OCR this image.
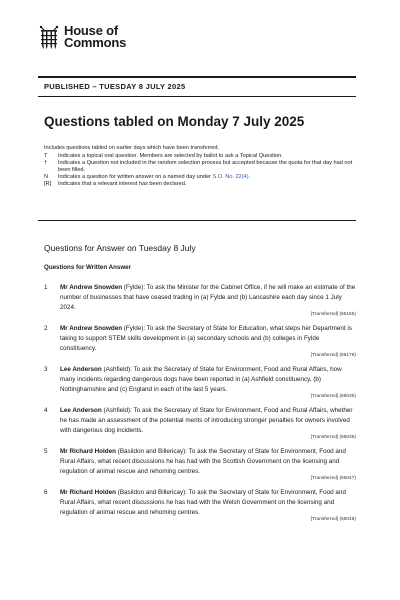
House of
Commons
PUBLISHED – TUESDAY 8 JULY 2025
Questions tabled on Monday 7 July 2025
Includes questions tabled on earlier days which have been transferred.
T	Indicates a topical oral question. Members are selected by ballot to ask a Topical Question.
†	Indicates a Question not included in the random selection process but accepted because the quota for that day had not been filled.
N	Indicates a question for written answer on a named day under S.O. No. 22(4).
[R]	Indicates that a relevant interest has been declared.
Questions for Answer on Tuesday 8 July
Questions for Written Answer
1	Mr Andrew Snowden (Fylde): To ask the Minister for the Cabinet Office, if he will make an estimate of the number of businesses that have ceased trading in (a) Fylde and (b) Lancashire each day since 1 July 2024.
[Transferred] (65165)
2	Mr Andrew Snowden (Fylde): To ask the Secretary of State for Education, what steps her Department is taking to support STEM skills development in (a) secondary schools and (b) colleges in Fylde constituency.
[Transferred] (65178)
3	Lee Anderson (Ashfield): To ask the Secretary of State for Environment, Food and Rural Affairs, how many incidents regarding dangerous dogs have been reported in (a) Ashfield constituency, (b) Nottinghamshire and (c) England in each of the last 5 years.
[Transferred] (65035)
4	Lee Anderson (Ashfield): To ask the Secretary of State for Environment, Food and Rural Affairs, whether he has made an assessment of the potential merits of introducing stronger penalties for owners involved with dangerous dog incidents.
[Transferred] (65036)
5	Mr Richard Holden (Basildon and Billericay): To ask the Secretary of State for Environment, Food and Rural Affairs, what recent discussions he has had with the Scottish Government on the licensing and regulation of animal rescue and rehoming centres.
[Transferred] (65047)
6	Mr Richard Holden (Basildon and Billericay): To ask the Secretary of State for Environment, Food and Rural Affairs, what recent discussions he has had with the Welsh Government on the licensing and regulation of animal rescue and rehoming centres.
[Transferred] (65048)
